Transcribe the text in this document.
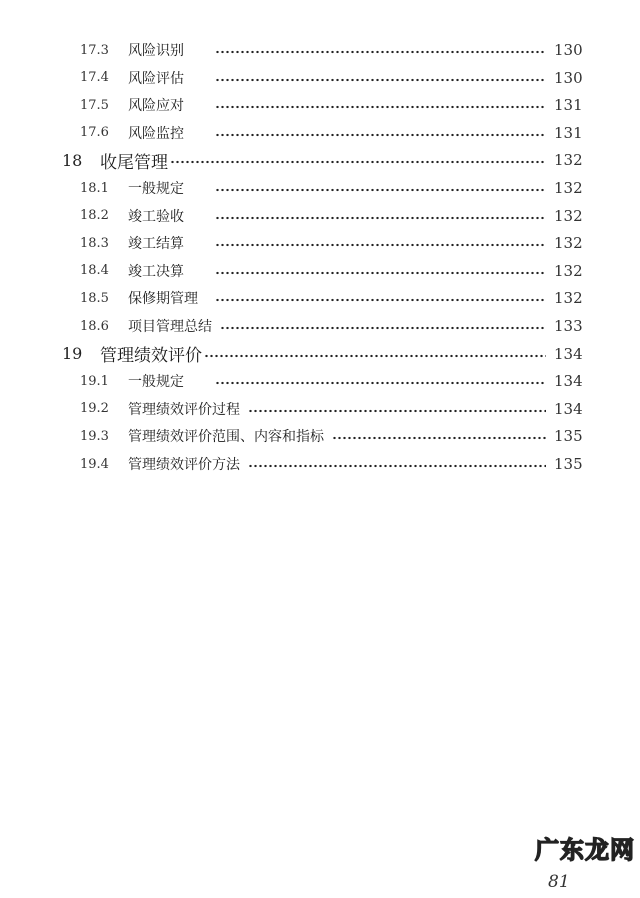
17.3 风险识别	130
17.4 风险评估	130
17.5 风险应对	131
17.6 风险监控	131
18 收尾管理	132
18.1 一般规定	132
18.2 竣工验收	132
18.3 竣工结算	132
18.4 竣工决算	132
18.5 保修期管理	132
18.6 项目管理总结	133
19 管理绩效评价	134
19.1 一般规定	134
19.2 管理绩效评价过程	134
19.3 管理绩效评价范围、内容和指标	135
19.4 管理绩效评价方法	135
广东龙网
81
